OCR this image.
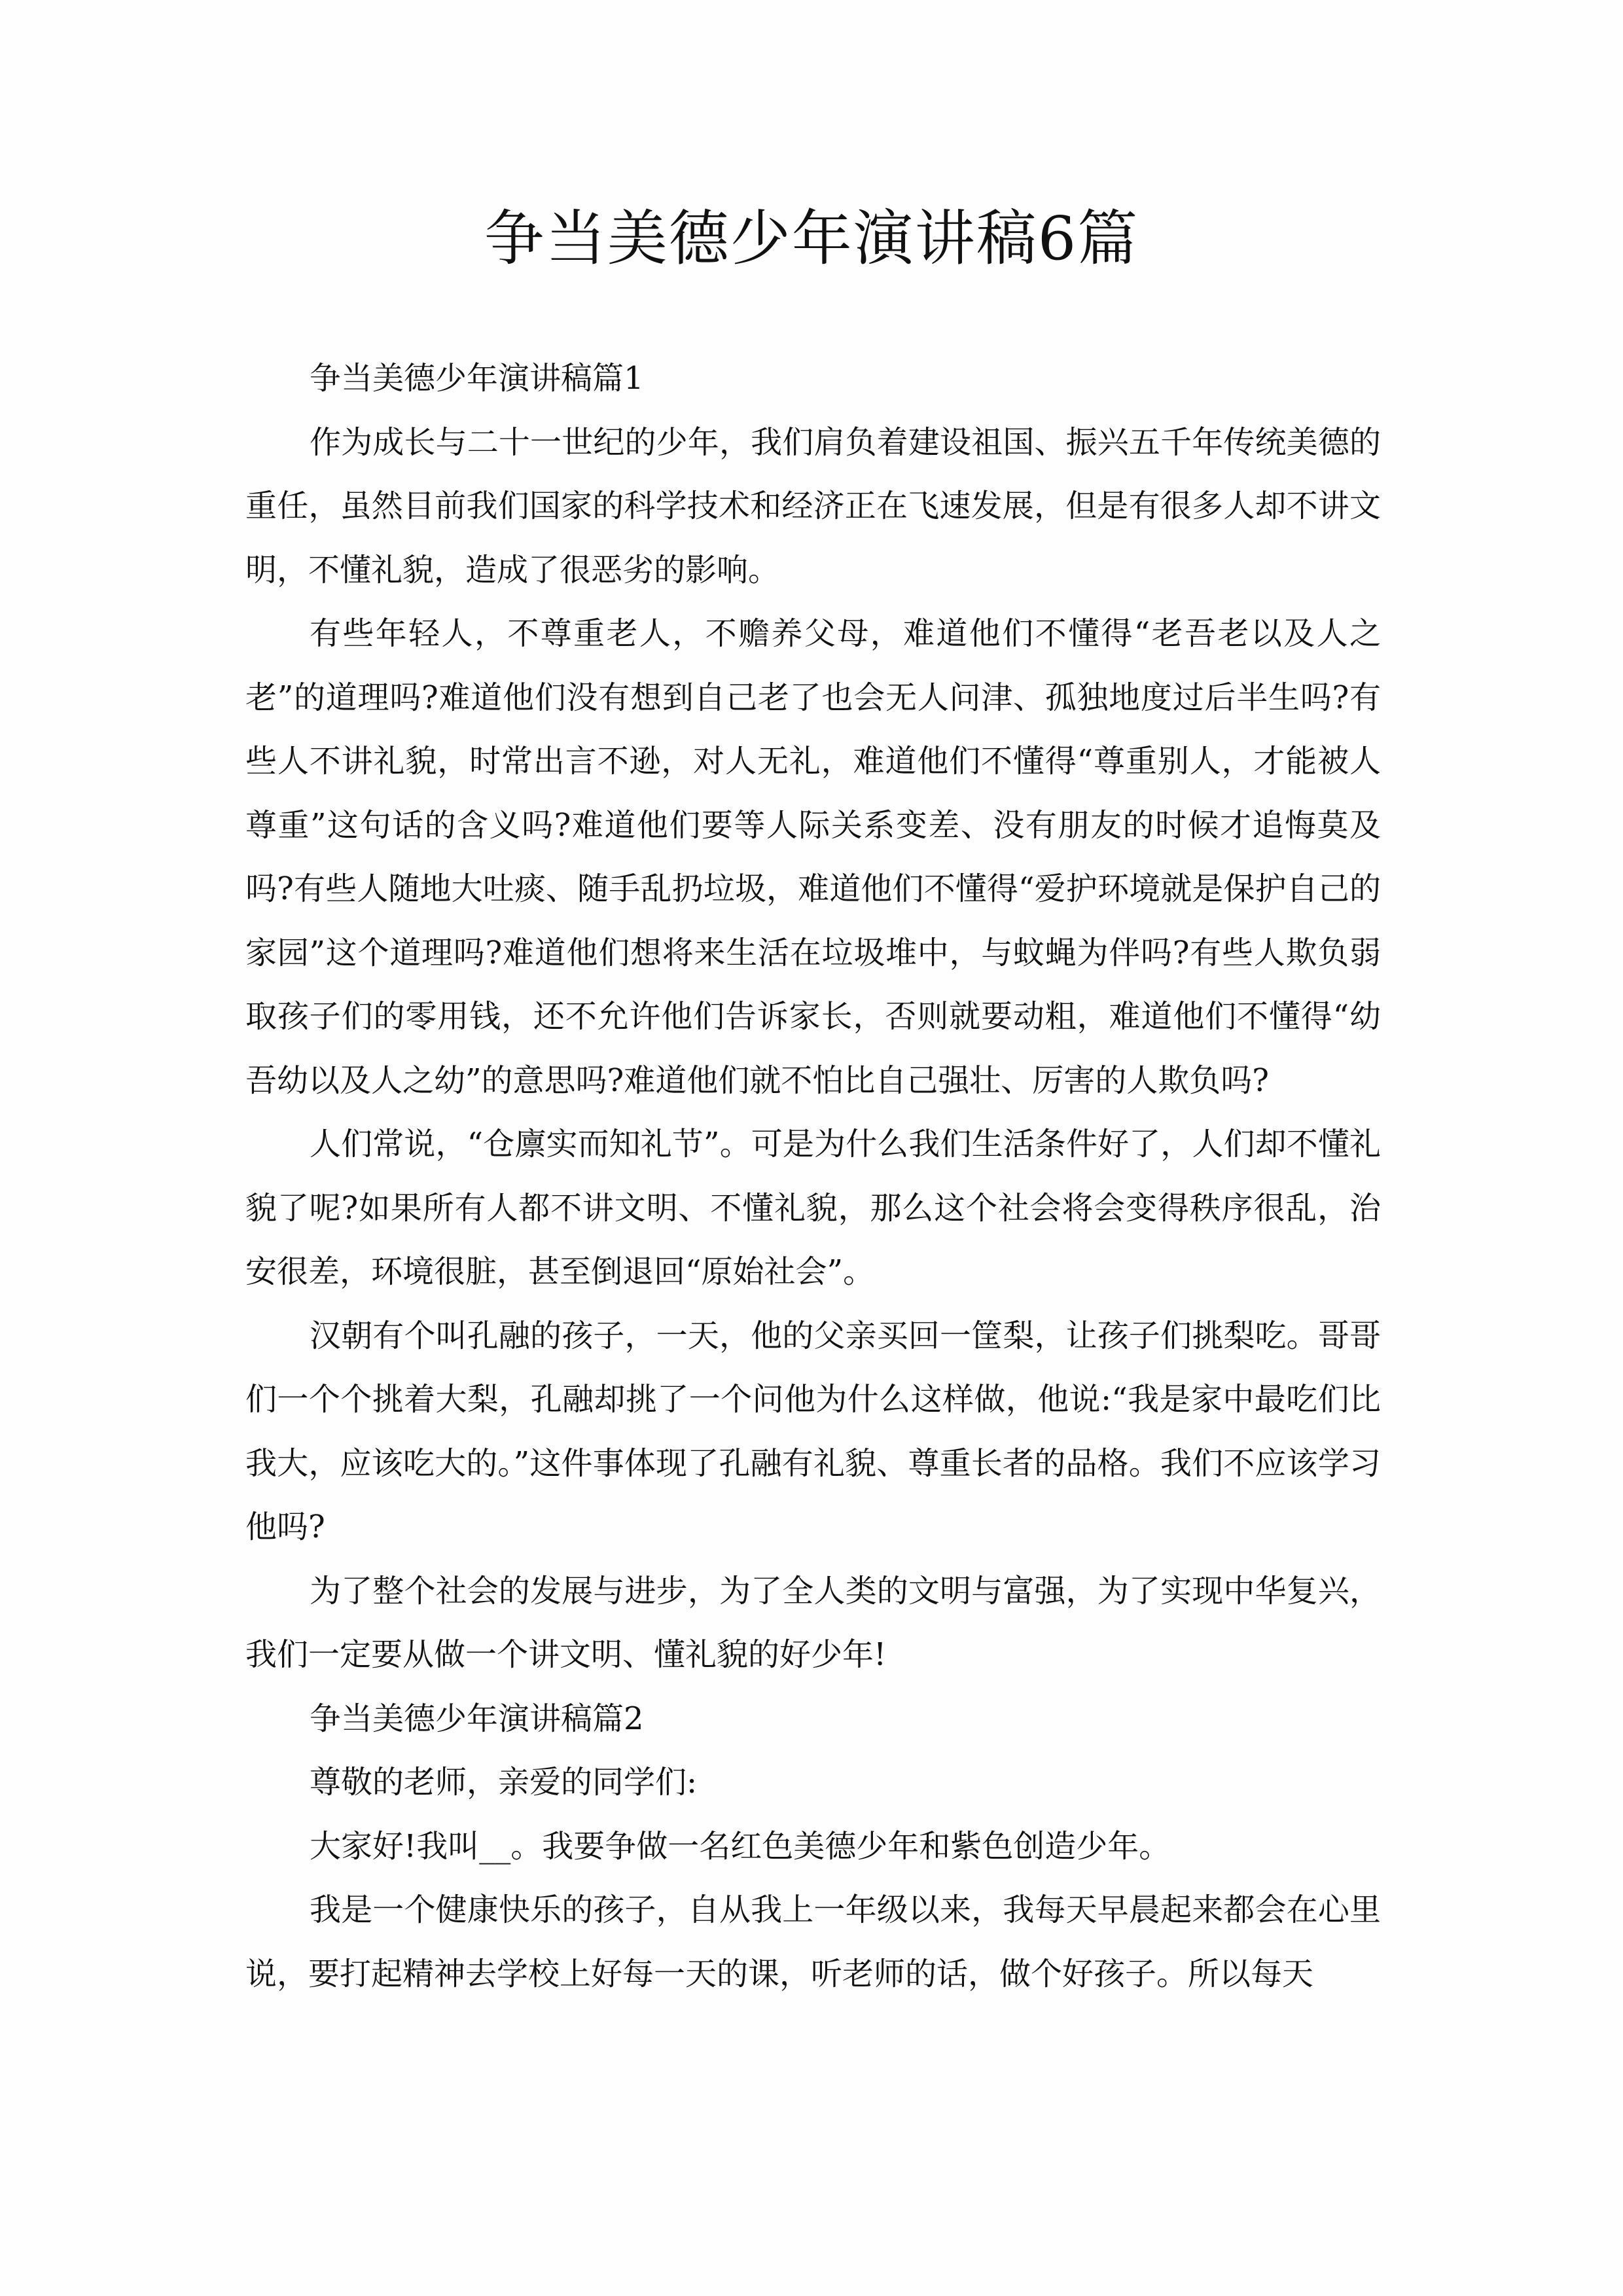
争当美德少年演讲稿6篇

争当美德少年演讲稿篇1

作为成长与二十一世纪的少年，我们肩负着建设祖国、振兴五千年传统美德的重任，虽然目前我们国家的科学技术和经济正在飞速发展，但是有很多人却不讲文明，不懂礼貌，造成了很恶劣的影响。

有些年轻人，不尊重老人，不赡养父母，难道他们不懂得“老吾老以及人之老”的道理吗?难道他们没有想到自己老了也会无人问津、孤独地度过后半生吗?有些人不讲礼貌，时常出言不逊，对人无礼，难道他们不懂得“尊重别人，才能被人尊重”这句话的含义吗?难道他们要等人际关系变差、没有朋友的时候才追悔莫及吗?有些人随地大吐痰、随手乱扔垃圾，难道他们不懂得“爱护环境就是保护自己的家园”这个道理吗?难道他们想将来生活在垃圾堆中，与蚊蝇为伴吗?有些人欺负弱取孩子们的零用钱，还不允许他们告诉家长，否则就要动粗，难道他们不懂得“幼吾幼以及人之幼”的意思吗?难道他们就不怕比自己强壮、厉害的人欺负吗?

人们常说，“仓廪实而知礼节”。可是为什么我们生活条件好了，人们却不懂礼貌了呢?如果所有人都不讲文明、不懂礼貌，那么这个社会将会变得秩序很乱，治安很差，环境很脏，甚至倒退回“原始社会”。

汉朝有个叫孔融的孩子，一天，他的父亲买回一筐梨，让孩子们挑梨吃。哥哥们一个个挑着大梨，孔融却挑了一个问他为什么这样做，他说:“我是家中最吃们比我大，应该吃大的。”这件事体现了孔融有礼貌、尊重长者的品格。我们不应该学习他吗?

为了整个社会的发展与进步，为了全人类的文明与富强，为了实现中华复兴，我们一定要从做一个讲文明、懂礼貌的好少年!

争当美德少年演讲稿篇2

尊敬的老师，亲爱的同学们:

大家好!我叫__。我要争做一名红色美德少年和紫色创造少年。

我是一个健康快乐的孩子，自从我上一年级以来，我每天早晨起来都会在心里说，要打起精神去学校上好每一天的课，听老师的话，做个好孩子。所以每天
